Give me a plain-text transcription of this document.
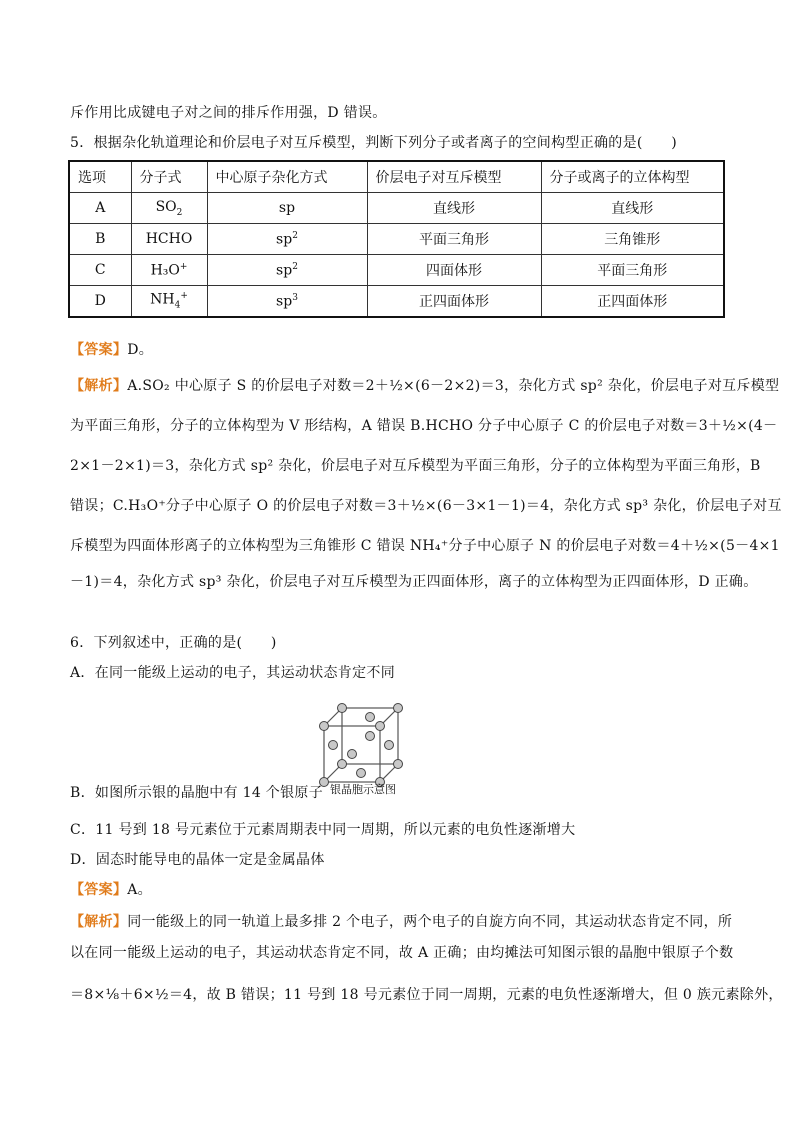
斥作用比成键电子对之间的排斥作用强，D 错误。
5．根据杂化轨道理论和价层电子对互斥模型，判断下列分子或者离子的空间构型正确的是(　　)
选项	分子式	中心原子杂化方式	价层电子对互斥模型	分子或离子的立体构型
A	$SO_2$	sp	直线形	直线形
B	HCHO	$sp^2$	平面三角形	三角锥形
C	H₃O+	$sp^2$	四面体形	平面三角形
D	$NH_4^+$	$sp^3$	正四面体形	正四面体形
【答案】D。
【解析】A.SO₂ 中心原子 S 的价层电子对数＝2＋½×(6－2×2)＝3，杂化方式 sp² 杂化，价层电子对互斥模型
为平面三角形，分子的立体构型为 V 形结构，A 错误 B.HCHO 分子中心原子 C 的价层电子对数＝3＋½×(4－
2×1－2×1)＝3，杂化方式 sp² 杂化，价层电子对互斥模型为平面三角形，分子的立体构型为平面三角形，B
错误；C.H₃O⁺分子中心原子 O 的价层电子对数＝3＋½×(6－3×1－1)＝4，杂化方式 sp³ 杂化，价层电子对互
斥模型为四面体形离子的立体构型为三角锥形 C 错误 NH₄⁺分子中心原子 N 的价层电子对数＝4＋½×(5－4×1
－1)＝4，杂化方式 sp³ 杂化，价层电子对互斥模型为正四面体形，离子的立体构型为正四面体形，D 正确。
6．下列叙述中，正确的是(　　)
A．在同一能级上运动的电子，其运动状态肯定不同
银晶胞示意图
B．如图所示银的晶胞中有 14 个银原子
C．11 号到 18 号元素位于元素周期表中同一周期，所以元素的电负性逐渐增大
D．固态时能导电的晶体一定是金属晶体
【答案】A。
【解析】同一能级上的同一轨道上最多排 2 个电子，两个电子的自旋方向不同，其运动状态肯定不同，所
以在同一能级上运动的电子，其运动状态肯定不同，故 A 正确；由均摊法可知图示银的晶胞中银原子个数
＝8×⅛＋6×½＝4，故 B 错误；11 号到 18 号元素位于同一周期，元素的电负性逐渐增大，但 0 族元素除外，
